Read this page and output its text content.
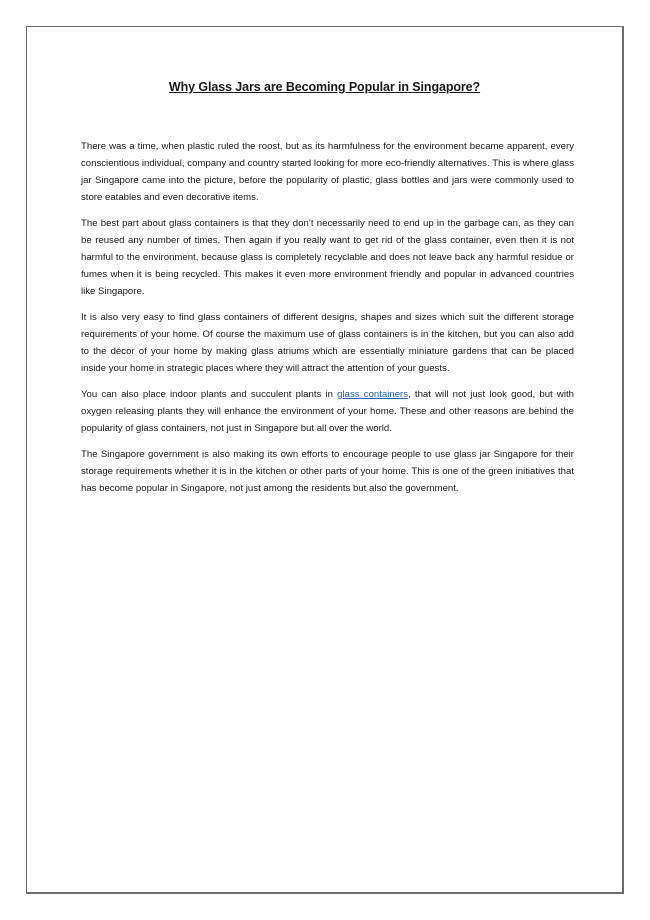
Why Glass Jars are Becoming Popular in Singapore?

There was a time, when plastic ruled the roost, but as its harmfulness for the environment became apparent, every conscientious individual, company and country started looking for more eco-friendly alternatives. This is where glass jar Singapore came into the picture, before the popularity of plastic, glass bottles and jars were commonly used to store eatables and even decorative items.

The best part about glass containers is that they don’t necessarily need to end up in the garbage can, as they can be reused any number of times. Then again if you really want to get rid of the glass container, even then it is not harmful to the environment, because glass is completely recyclable and does not leave back any harmful residue or fumes when it is being recycled. This makes it even more environment friendly and popular in advanced countries like Singapore.

It is also very easy to find glass containers of different designs, shapes and sizes which suit the different storage requirements of your home. Of course the maximum use of glass containers is in the kitchen, but you can also add to the décor of your home by making glass atriums which are essentially miniature gardens that can be placed inside your home in strategic places where they will attract the attention of your guests.

You can also place indoor plants and succulent plants in glass containers, that will not just look good, but with oxygen releasing plants they will enhance the environment of your home. These and other reasons are behind the popularity of glass containers, not just in Singapore but all over the world.

The Singapore government is also making its own efforts to encourage people to use glass jar Singapore for their storage requirements whether it is in the kitchen or other parts of your home. This is one of the green initiatives that has become popular in Singapore, not just among the residents but also the government.
